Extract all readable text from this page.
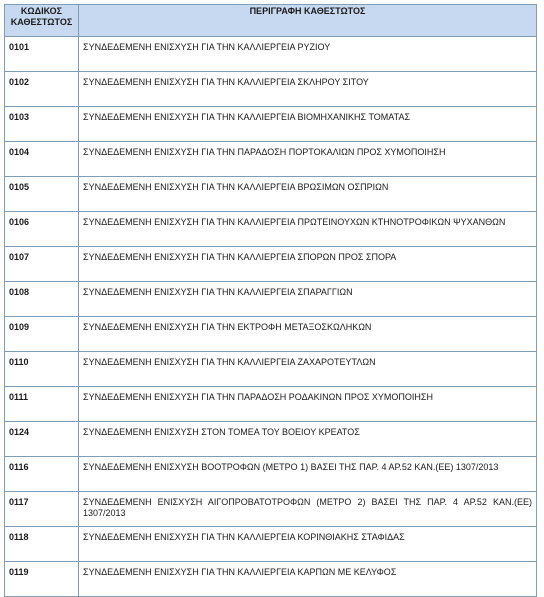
ΚΩΔΙΚΟΣ ΚΑΘΕΣΤΩΤΟΣ	ΠΕΡΙΓΡΑΦΗ ΚΑΘΕΣΤΩΤΟΣ
0101	ΣΥΝΔΕΔΕΜΕΝΗ ΕΝΙΣΧΥΣΗ ΓΙΑ ΤΗΝ ΚΑΛΛΙΕΡΓΕΙΑ ΡΥΖΙΟΥ
0102	ΣΥΝΔΕΔΕΜΕΝΗ ΕΝΙΣΧΥΣΗ ΓΙΑ ΤΗΝ ΚΑΛΛΙΕΡΓΕΙΑ ΣΚΛΗΡΟΥ ΣΙΤΟΥ
0103	ΣΥΝΔΕΔΕΜΕΝΗ ΕΝΙΣΧΥΣΗ ΓΙΑ ΤΗΝ ΚΑΛΛΙΕΡΓΕΙΑ ΒΙΟΜΗΧΑΝΙΚΗΣ ΤΟΜΑΤΑΣ
0104	ΣΥΝΔΕΔΕΜΕΝΗ ΕΝΙΣΧΥΣΗ ΓΙΑ ΤΗΝ ΠΑΡΑΔΟΣΗ ΠΟΡΤΟΚΑΛΙΩΝ ΠΡΟΣ ΧΥΜΟΠΟΙΗΣΗ
0105	ΣΥΝΔΕΔΕΜΕΝΗ ΕΝΙΣΧΥΣΗ ΓΙΑ ΤΗΝ ΚΑΛΛΙΕΡΓΕΙΑ ΒΡΩΣΙΜΩΝ ΟΣΠΡΙΩΝ
0106	ΣΥΝΔΕΔΕΜΕΝΗ ΕΝΙΣΧΥΣΗ ΓΙΑ ΤΗΝ ΚΑΛΛΙΕΡΓΕΙΑ ΠΡΩΤΕΙΝΟΥΧΩΝ ΚΤΗΝΟΤΡΟΦΙΚΩΝ ΨΥΧΑΝΘΩΝ
0107	ΣΥΝΔΕΔΕΜΕΝΗ ΕΝΙΣΧΥΣΗ ΓΙΑ ΤΗΝ ΚΑΛΛΙΕΡΓΕΙΑ ΣΠΟΡΩΝ ΠΡΟΣ ΣΠΟΡΑ
0108	ΣΥΝΔΕΔΕΜΕΝΗ ΕΝΙΣΧΥΣΗ ΓΙΑ ΤΗΝ ΚΑΛΛΙΕΡΓΕΙΑ ΣΠΑΡΑΓΓΙΩΝ
0109	ΣΥΝΔΕΔΕΜΕΝΗ ΕΝΙΣΧΥΣΗ ΓΙΑ ΤΗΝ ΕΚΤΡΟΦΗ ΜΕΤΑΞΟΣΚΩΛΗΚΩΝ
0110	ΣΥΝΔΕΔΕΜΕΝΗ ΕΝΙΣΧΥΣΗ ΓΙΑ ΤΗΝ ΚΑΛΛΙΕΡΓΕΙΑ ΖΑΧΑΡΟΤΕΥΤΛΩΝ
0111	ΣΥΝΔΕΔΕΜΕΝΗ ΕΝΙΣΧΥΣΗ ΓΙΑ ΤΗΝ ΠΑΡΑΔΟΣΗ ΡΟΔΑΚΙΝΩΝ ΠΡΟΣ ΧΥΜΟΠΟΙΗΣΗ
0124	ΣΥΝΔΕΔΕΜΕΝΗ ΕΝΙΣΧΥΣΗ ΣΤΟΝ ΤΟΜΕΑ ΤΟΥ ΒΟΕΙΟΥ ΚΡΕΑΤΟΣ
0116	ΣΥΝΔΕΔΕΜΕΝΗ ΕΝΙΣΧΥΣΗ ΒΟΟΤΡΟΦΩΝ (ΜΕΤΡΟ 1) ΒΑΣΕΙ ΤΗΣ ΠΑΡ. 4 ΑΡ.52 ΚΑΝ.(ΕΕ) 1307/2013
0117	ΣΥΝΔΕΔΕΜΕΝΗ ΕΝΙΣΧΥΣΗ ΑΙΓΟΠΡΟΒΑΤΟΤΡΟΦΩΝ (ΜΕΤΡΟ 2) ΒΑΣΕΙ ΤΗΣ ΠΑΡ. 4 ΑΡ.52 ΚΑΝ.(ΕΕ) 1307/2013
0118	ΣΥΝΔΕΔΕΜΕΝΗ ΕΝΙΣΧΥΣΗ ΓΙΑ ΤΗΝ ΚΑΛΛΙΕΡΓΕΙΑ ΚΟΡΙΝΘΙΑΚΗΣ ΣΤΑΦΙΔΑΣ
0119	ΣΥΝΔΕΔΕΜΕΝΗ ΕΝΙΣΧΥΣΗ ΓΙΑ ΤΗΝ ΚΑΛΛΙΕΡΓΕΙΑ ΚΑΡΠΩΝ ΜΕ ΚΕΛΥΦΟΣ
